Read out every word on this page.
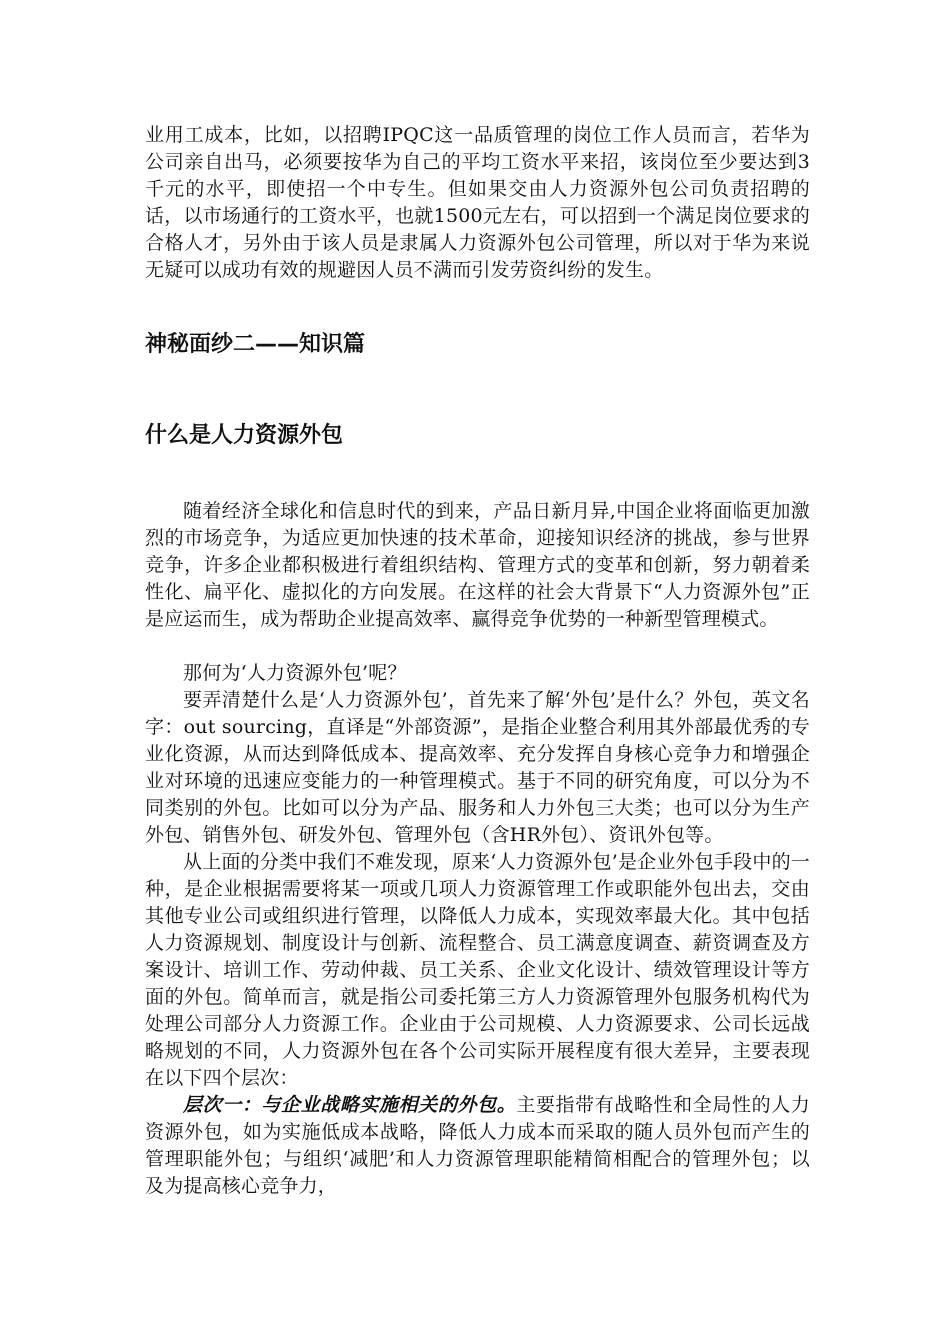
业用工成本，比如，以招聘IPQC这一品质管理的岗位工作人员而言，若华为公司亲自出马，必须要按华为自己的平均工资水平来招，该岗位至少要达到3千元的水平，即使招一个中专生。但如果交由人力资源外包公司负责招聘的话，以市场通行的工资水平，也就1500元左右，可以招到一个满足岗位要求的合格人才，另外由于该人员是隶属人力资源外包公司管理，所以对于华为来说无疑可以成功有效的规避因人员不满而引发劳资纠纷的发生。

神秘面纱二——知识篇
什么是人力资源外包

随着经济全球化和信息时代的到来，产品日新月异,中国企业将面临更加激烈的市场竞争，为适应更加快速的技术革命，迎接知识经济的挑战，参与世界竞争，许多企业都积极进行着组织结构、管理方式的变革和创新，努力朝着柔性化、扁平化、虚拟化的方向发展。在这样的社会大背景下“人力资源外包”正是应运而生，成为帮助企业提高效率、赢得竞争优势的一种新型管理模式。

那何为‘人力资源外包’呢？

要弄清楚什么是‘人力资源外包’，首先来了解‘外包’是什么？外包，英文名字：out sourcing，直译是“外部资源”，是指企业整合利用其外部最优秀的专业化资源，从而达到降低成本、提高效率、充分发挥自身核心竞争力和增强企业对环境的迅速应变能力的一种管理模式。基于不同的研究角度，可以分为不同类别的外包。比如可以分为产品、服务和人力外包三大类；也可以分为生产外包、销售外包、研发外包、管理外包（含HR外包）、资讯外包等。

从上面的分类中我们不难发现，原来‘人力资源外包’是企业外包手段中的一种，是企业根据需要将某一项或几项人力资源管理工作或职能外包出去，交由其他专业公司或组织进行管理，以降低人力成本，实现效率最大化。其中包括人力资源规划、制度设计与创新、流程整合、员工满意度调查、薪资调查及方案设计、培训工作、劳动仲裁、员工关系、企业文化设计、绩效管理设计等方面的外包。简单而言，就是指公司委托第三方人力资源管理外包服务机构代为处理公司部分人力资源工作。企业由于公司规模、人力资源要求、公司长远战略规划的不同，人力资源外包在各个公司实际开展程度有很大差异，主要表现在以下四个层次：

层次一：与企业战略实施相关的外包。主要指带有战略性和全局性的人力资源外包，如为实施低成本战略，降低人力成本而采取的随人员外包而产生的管理职能外包；与组织‘减肥’和人力资源管理职能精简相配合的管理外包；以及为提高核心竞争力，
